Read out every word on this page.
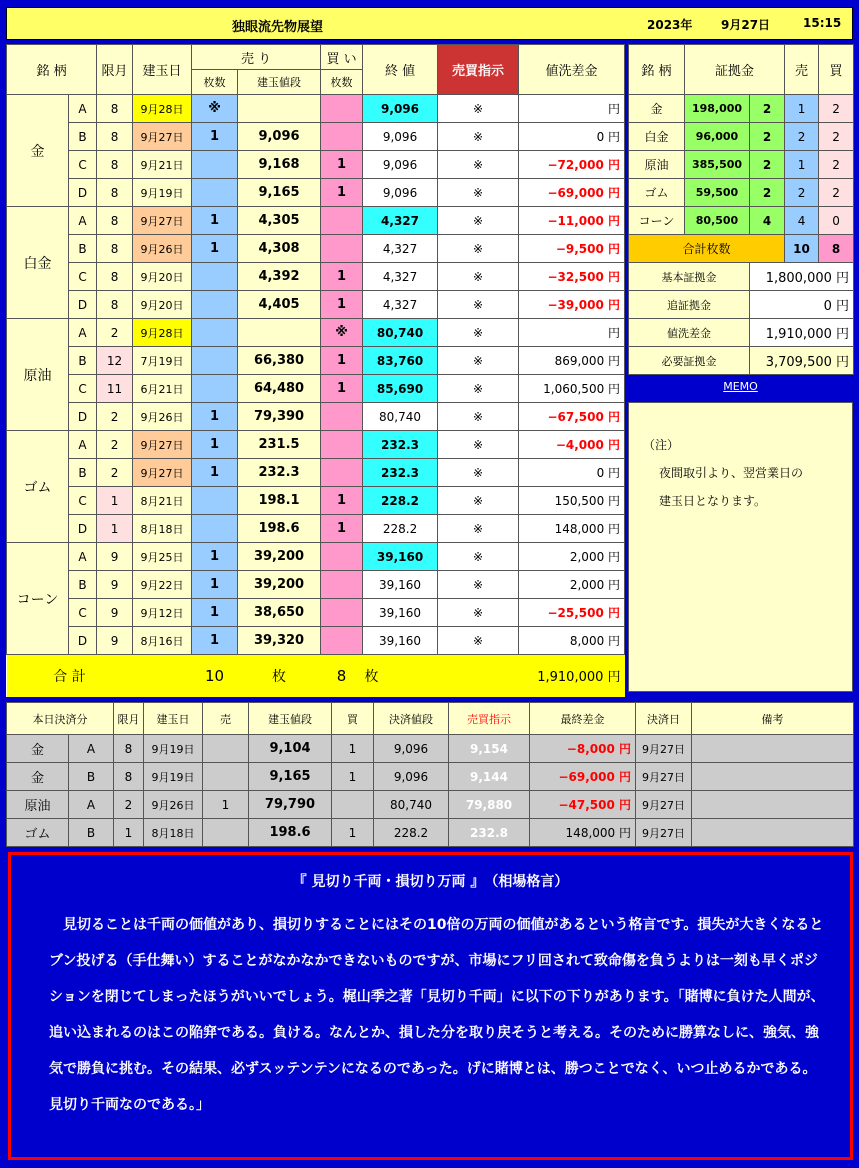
独眼流先物展望	2023年 9月27日	15:15
銘 柄		限月	建玉日	売 り		買 い	終 値	売買指示	値洗差金
				枚数	建玉値段	枚数			
金	A	8	9月28日	※			9,096	※	円
	B	8	9月27日	1	9,096		9,096	※	0 円
	C	8	9月21日		9,168	1	9,096	※	−72,000 円
	D	8	9月19日		9,165	1	9,096	※	−69,000 円
白金	A	8	9月27日	1	4,305		4,327	※	−11,000 円
	B	8	9月26日	1	4,308		4,327	※	−9,500 円
	C	8	9月20日		4,392	1	4,327	※	−32,500 円
	D	8	9月20日		4,405	1	4,327	※	−39,000 円
原油	A	2	9月28日			※	80,740	※	円
	B	12	7月19日		66,380	1	83,760	※	869,000 円
	C	11	6月21日		64,480	1	85,690	※	1,060,500 円
	D	2	9月26日	1	79,390		80,740	※	−67,500 円
ゴム	A	2	9月27日	1	231.5		232.3	※	−4,000 円
	B	2	9月27日	1	232.3		232.3	※	0 円
	C	1	8月21日		198.1	1	228.2	※	150,500 円
	D	1	8月18日		198.6	1	228.2	※	148,000 円
コーン	A	9	9月25日	1	39,200		39,160	※	2,000 円
	B	9	9月22日	1	39,200		39,160	※	2,000 円
	C	9	9月12日	1	38,650		39,160	※	−25,500 円
	D	9	8月16日	1	39,320		39,160	※	8,000 円
合 計				10	枚	8	枚		1,910,000 円
銘 柄	証拠金		売	買
金	198,000	2	1	2
白金	96,000	2	2	2
原油	385,500	2	1	2
ゴム	59,500	2	2	2
コーン	80,500	4	4	0
合計枚数			10	8
基本証拠金		1,800,000 円		
追証拠金		0 円		
値洗差金		1,910,000 円		
必要証拠金		3,709,500 円		
MEMO

（注）

夜間取引より、翌営業日の

建玉日となります。

本日決済分		限月	建玉日	売	建玉値段	買	決済値段	売買指示	最終差金	決済日	備考
金	A	8	9月19日		9,104	1	9,096	9,154	−8,000 円	9月27日	
金	B	8	9月19日		9,165	1	9,096	9,144	−69,000 円	9月27日	
原油	A	2	9月26日	1	79,790		80,740	79,880	−47,500 円	9月27日	
ゴム	B	1	8月18日		198.6	1	228.2	232.8	148,000 円	9月27日	
『 見切り千両・損切り万両 』　（相場格言）
　見切ることは千両の価値があり、損切りすることにはその10倍の万両の価値があるという格言です。損失が大きくなるとブン投げる（手仕舞い）することがなかなかできないものですが、市場にフリ回されて致命傷を負うよりは一刻も早くポジションを閉じてしまったほうがいいでしょう。梶山季之著「見切り千両」に以下の下りがあります。「賭博に負けた人間が、追い込まれるのはこの陥穽である。負ける。なんとか、損した分を取り戻そうと考える。そのために勝算なしに、強気、強気で勝負に挑む。その結果、必ずスッテンテンになるのであった。げに賭博とは、勝つことでなく、いつ止めるかである。見切り千両なのである。」
